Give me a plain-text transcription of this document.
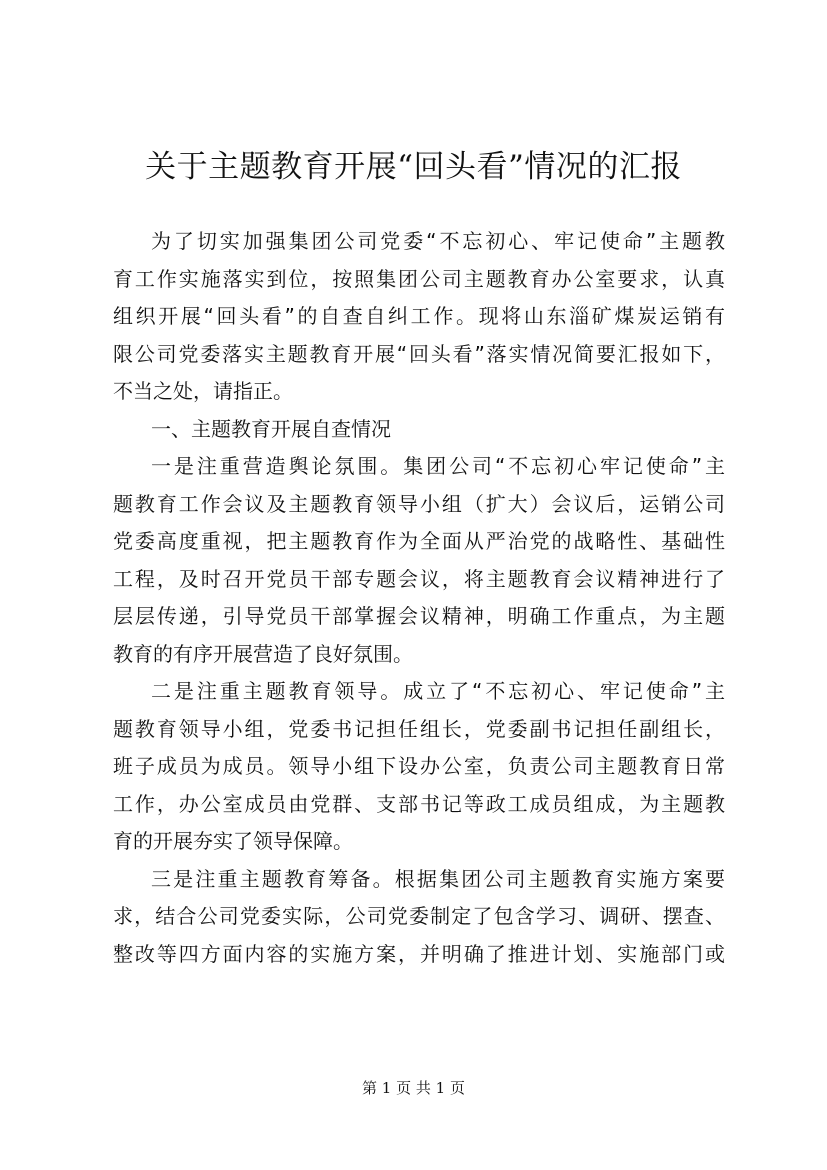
关于主题教育开展“回头看”情况的汇报
为了切实加强集团公司党委“不忘初心、牢记使命”主题教
育工作实施落实到位，按照集团公司主题教育办公室要求，认真
组织开展“回头看”的自查自纠工作。现将山东淄矿煤炭运销有
限公司党委落实主题教育开展“回头看”落实情况简要汇报如下，
不当之处，请指正。
一、主题教育开展自查情况
一是注重营造舆论氛围。集团公司“不忘初心牢记使命”主
题教育工作会议及主题教育领导小组（扩大）会议后，运销公司
党委高度重视，把主题教育作为全面从严治党的战略性、基础性
工程，及时召开党员干部专题会议，将主题教育会议精神进行了
层层传递，引导党员干部掌握会议精神，明确工作重点，为主题
教育的有序开展营造了良好氛围。
二是注重主题教育领导。成立了“不忘初心、牢记使命”主
题教育领导小组，党委书记担任组长，党委副书记担任副组长，
班子成员为成员。领导小组下设办公室，负责公司主题教育日常
工作，办公室成员由党群、支部书记等政工成员组成，为主题教
育的开展夯实了领导保障。
三是注重主题教育筹备。根据集团公司主题教育实施方案要
求，结合公司党委实际，公司党委制定了包含学习、调研、摆查、
整改等四方面内容的实施方案，并明确了推进计划、实施部门或
第 1 页 共 1 页
